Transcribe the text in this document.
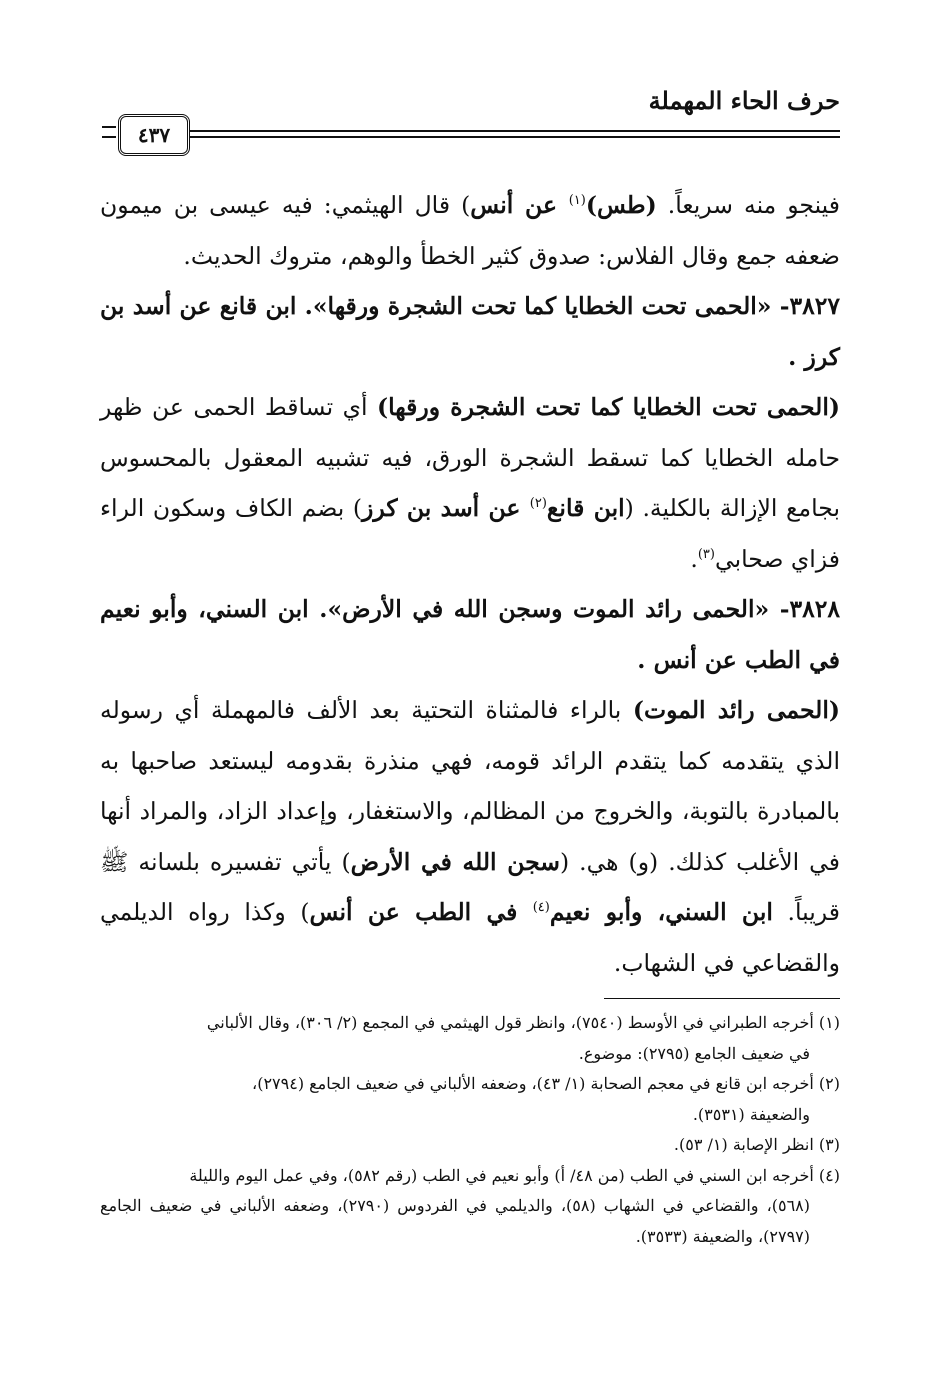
حرف الحاء المهملة
٤٣٧

فينجو منه سريعاً. (طس)$^{(١)}$ عن أنس) قال الهيثمي: فيه عيسى بن ميمون ضعفه جمع وقال الفلاس: صدوق كثير الخطأ والوهم، متروك الحديث.

٣٨٢٧- «الحمى تحت الخطايا كما تحت الشجرة ورقها». ابن قانع عن أسد بن كرز .

(الحمى تحت الخطايا كما تحت الشجرة ورقها) أي تساقط الحمى عن ظهر حامله الخطايا كما تسقط الشجرة الورق، فيه تشبيه المعقول بالمحسوس بجامع الإزالة بالكلية. (ابن قانع$^{(٢)}$ عن أسد بن كرز) بضم الكاف وسكون الراء فزاي صحابي$^{(٣)}$.

٣٨٢٨- «الحمى رائد الموت وسجن الله في الأرض». ابن السني، وأبو نعيم في الطب عن أنس .

(الحمى رائد الموت) بالراء فالمثناة التحتية بعد الألف فالمهملة أي رسوله الذي يتقدمه كما يتقدم الرائد قومه، فهي منذرة بقدومه ليستعد صاحبها به بالمبادرة بالتوبة، والخروج من المظالم، والاستغفار، وإعداد الزاد، والمراد أنها في الأغلب كذلك. (و) هي. (سجن الله في الأرض) يأتي تفسيره بلسانه ﷺ قريباً. ابن السني، وأبو نعيم$^{(٤)}$ في الطب عن أنس) وكذا رواه الديلمي والقضاعي في الشهاب.

(١) أخرجه الطبراني في الأوسط (٧٥٤٠)، وانظر قول الهيثمي في المجمع (٢/ ٣٠٦)، وقال الألباني

في ضعيف الجامع (٢٧٩٥): موضوع.

(٢) أخرجه ابن قانع في معجم الصحابة (١/ ٤٣)، وضعفه الألباني في ضعيف الجامع (٢٧٩٤)،

والضعيفة (٣٥٣١).

(٣) انظر الإصابة (١/ ٥٣).

(٤) أخرجه ابن السني في الطب (من ٤٨/ أ) وأبو نعيم في الطب (رقم ٥٨٢)، وفي عمل اليوم والليلة

(٥٦٨)، والقضاعي في الشهاب (٥٨)، والديلمي في الفردوس (٢٧٩٠)، وضعفه الألباني في ضعيف الجامع (٢٧٩٧)، والضعيفة (٣٥٣٣).
